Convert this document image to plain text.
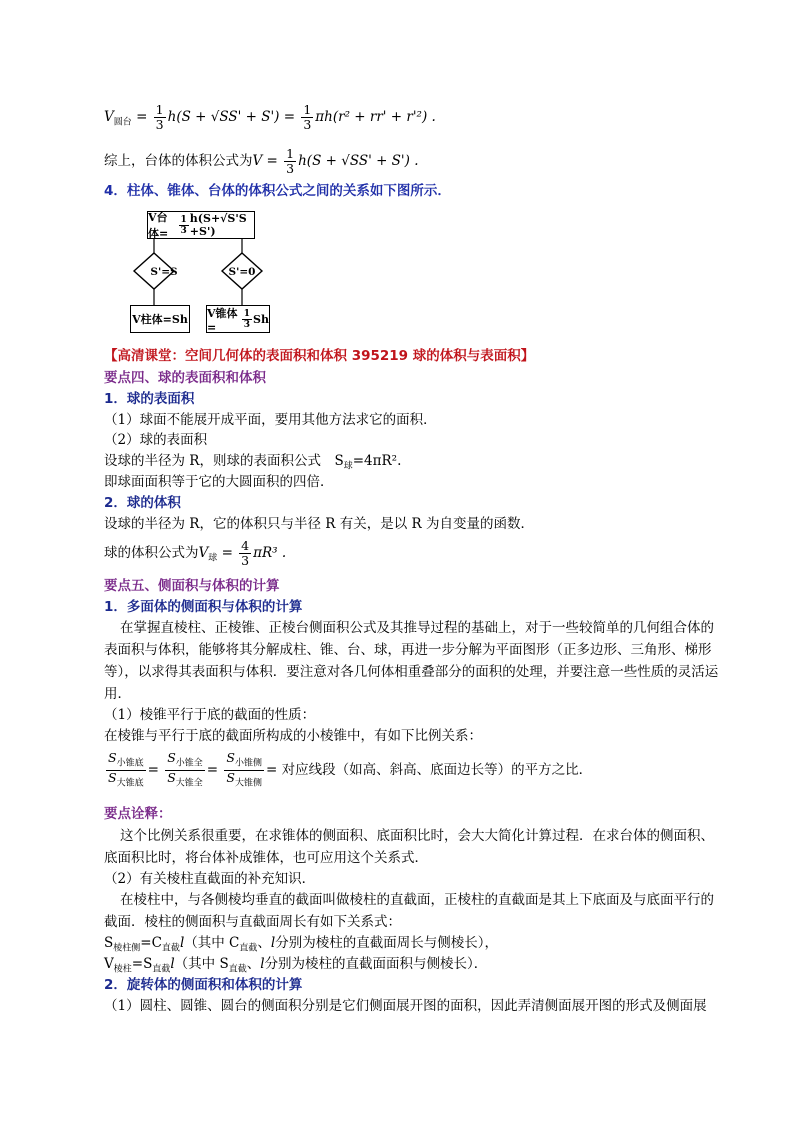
$V_{圆台} = \frac{1}{3} h(S + √SS' + S') = \frac{1}{3} \pi h(r^2 + rr' + r'^2)$ .
综上，台体的体积公式为$V = \frac{1}{3} h(S + √SS' + S')$ .
4．柱体、锥体、台体的体积公式之间的关系如下图所示．
V台体=	$\frac{1}{3} h(S+√S'S +S')$
S'=S	S'=0
V柱体=Sh V锥体=	$\frac{1}{3}$ Sh
【高清课堂：空间几何体的表面积和体积 395219 球的体积与表面积】
要点四、球的表面积和体积
1．球的表面积
（1）球面不能展开成平面，要用其他方法求它的面积．
（2）球的表面积
设球的半径为 R，则球的表面积公式　$S_球=4\pi R^2$.
即球面面积等于它的大圆面积的四倍．
2．球的体积
设球的半径为 R，它的体积只与半径 R 有关，是以 R 为自变量的函数．
球的体积公式为$V_球 = \frac{4}{3} \pi R^3$ .
要点五、侧面积与体积的计算
1．多面体的侧面积与体积的计算
在掌握直棱柱、正棱锥、正棱台侧面积公式及其推导过程的基础上，对于一些较简单的几何组合体的
表面积与体积，能够将其分解成柱、锥、台、球，再进一步分解为平面图形（正多边形、三角形、梯形
等），以求得其表面积与体积．要注意对各几何体相重叠部分的面积的处理，并要注意一些性质的灵活运
用．
（1）棱锥平行于底的截面的性质：
在棱锥与平行于底的截面所构成的小棱锥中，有如下比例关系：
$\frac{S_{小锥底}}{S_{大锥底}} = \frac{S_{小锥全}}{S_{大锥全}} = \frac{S_{小锥侧}}{S_{大锥侧}}$ = 对应线段（如高、斜高、底面边长等）的平方之比．
要点诠释：
这个比例关系很重要，在求锥体的侧面积、底面积比时，会大大简化计算过程．在求台体的侧面积、
底面积比时，将台体补成锥体，也可应用这个关系式．
（2）有关棱柱直截面的补充知识．
在棱柱中，与各侧棱均垂直的截面叫做棱柱的直截面，正棱柱的直截面是其上下底面及与底面平行的
截面．棱柱的侧面积与直截面周长有如下关系式：
$S_{棱柱侧}=C_{直截}l$（其中 $C_{直截}$、l分别为棱柱的直截面周长与侧棱长），
$V_{棱柱}=S_{直截}l$（其中 $S_{直截}$、l分别为棱柱的直截面面积与侧棱长）．
2．旋转体的侧面积和体积的计算
（1）圆柱、圆锥、圆台的侧面积分别是它们侧面展开图的面积，因此弄清侧面展开图的形式及侧面展
